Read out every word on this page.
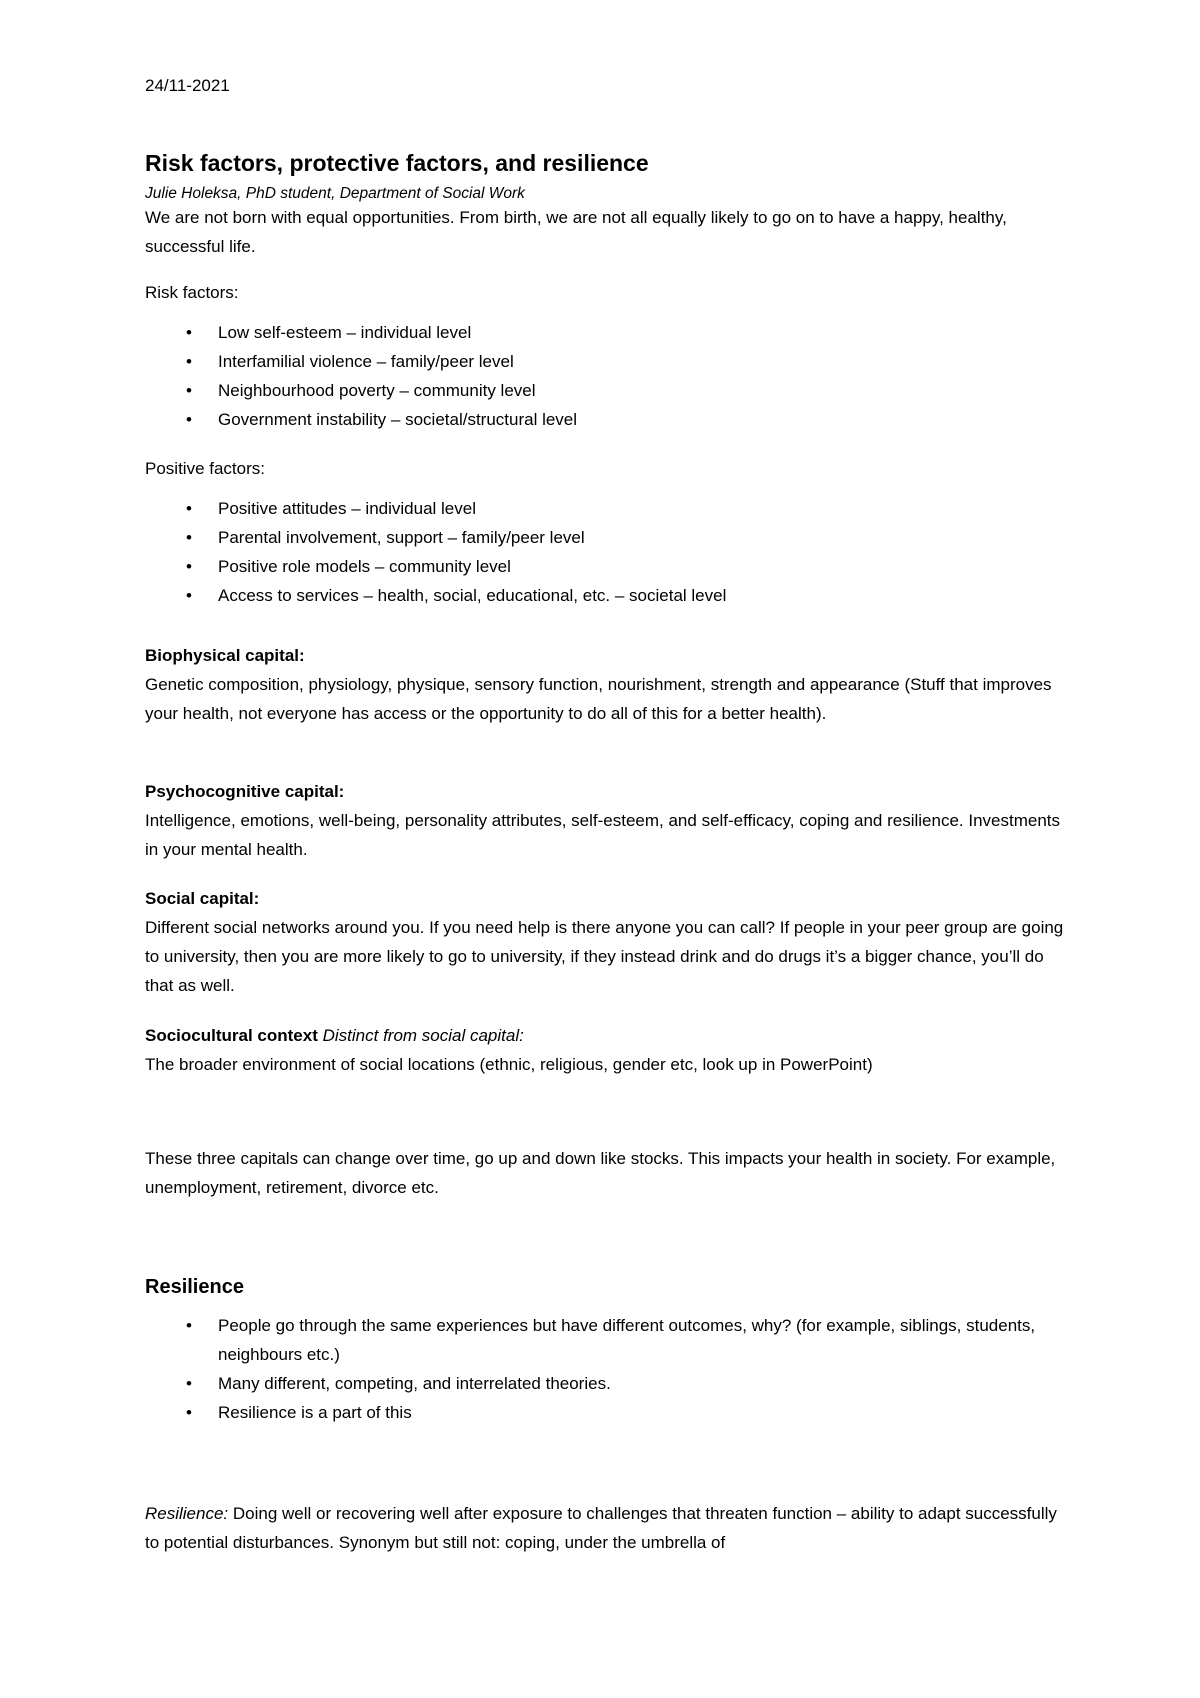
24/11-2021
Risk factors, protective factors, and resilience
Julie Holeksa, PhD student, Department of Social Work
We are not born with equal opportunities. From birth, we are not all equally likely to go on to have a happy, healthy, successful life.
Risk factors:
• Low self-esteem – individual level
• Interfamilial violence – family/peer level
• Neighbourhood poverty – community level
• Government instability – societal/structural level
Positive factors:
• Positive attitudes – individual level
• Parental involvement, support – family/peer level
• Positive role models – community level
• Access to services – health, social, educational, etc. – societal level
Biophysical capital:
Genetic composition, physiology, physique, sensory function, nourishment, strength and appearance (Stuff that improves your health, not everyone has access or the opportunity to do all of this for a better health).
Psychocognitive capital:
Intelligence, emotions, well-being, personality attributes, self-esteem, and self-efficacy, coping and resilience. Investments in your mental health.
Social capital:
Different social networks around you. If you need help is there anyone you can call? If people in your peer group are going to university, then you are more likely to go to university, if they instead drink and do drugs it’s a bigger chance, you’ll do that as well.
Sociocultural context Distinct from social capital:
The broader environment of social locations (ethnic, religious, gender etc, look up in PowerPoint)
These three capitals can change over time, go up and down like stocks. This impacts your health in society. For example, unemployment, retirement, divorce etc.
Resilience
• People go through the same experiences but have different outcomes, why? (for example, siblings, students, neighbours etc.)
• Many different, competing, and interrelated theories.
• Resilience is a part of this
Resilience: Doing well or recovering well after exposure to challenges that threaten function – ability to adapt successfully to potential disturbances. Synonym but still not: coping, under the umbrella of
